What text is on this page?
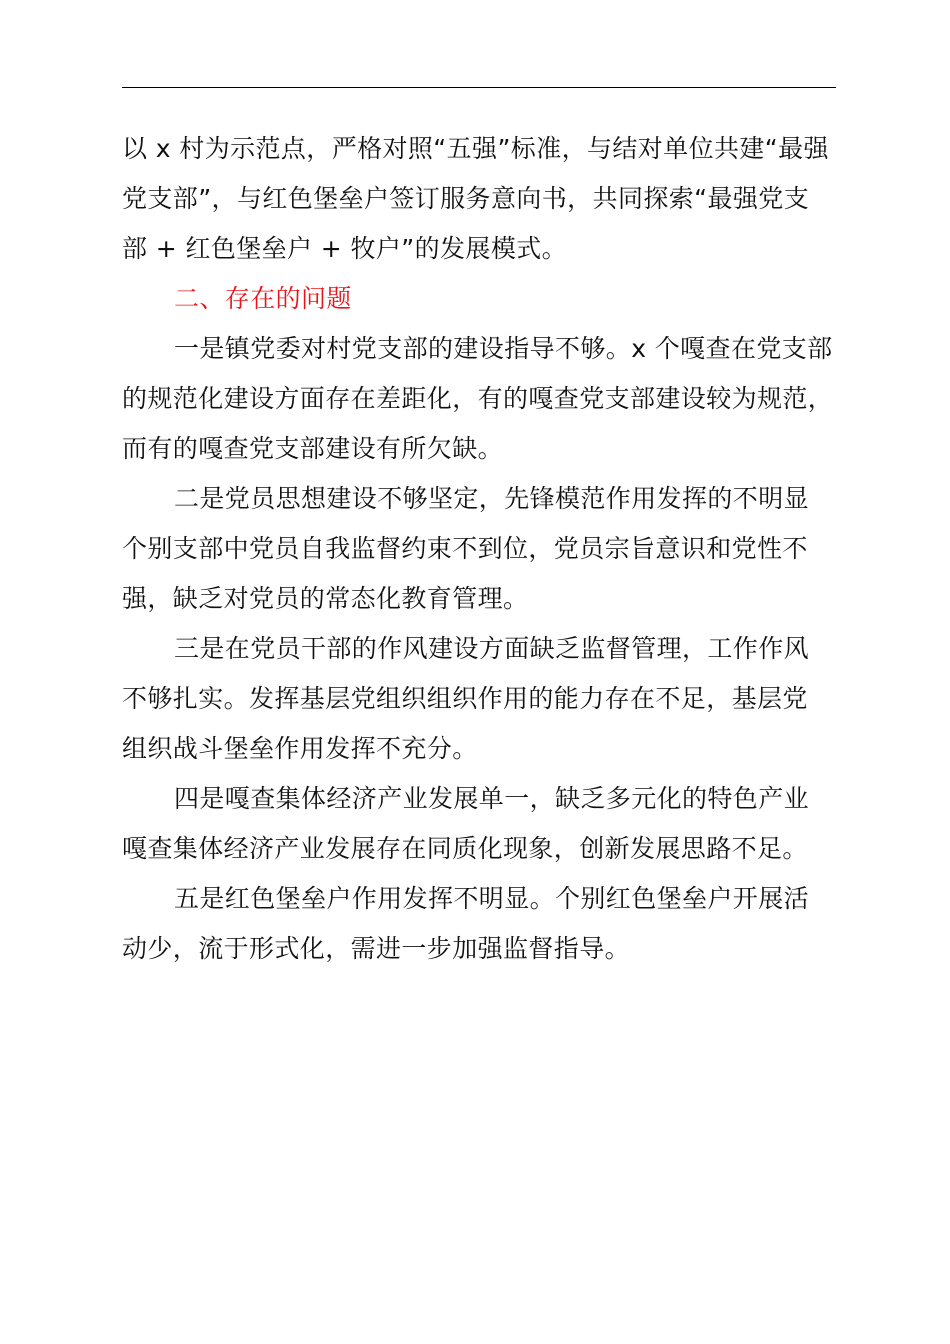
以 x 村为示范点，严格对照“五强”标准，与结对单位共建“最强
党支部”，与红色堡垒户签订服务意向书，共同探索“最强党支
部 + 红色堡垒户 + 牧户”的发展模式。
二、存在的问题
一是镇党委对村党支部的建设指导不够。x 个嘎查在党支部
的规范化建设方面存在差距化，有的嘎查党支部建设较为规范，
而有的嘎查党支部建设有所欠缺。
二是党员思想建设不够坚定，先锋模范作用发挥的不明显
个别支部中党员自我监督约束不到位，党员宗旨意识和党性不
强，缺乏对党员的常态化教育管理。
三是在党员干部的作风建设方面缺乏监督管理，工作作风
不够扎实。发挥基层党组织组织作用的能力存在不足，基层党
组织战斗堡垒作用发挥不充分。
四是嘎查集体经济产业发展单一，缺乏多元化的特色产业
嘎查集体经济产业发展存在同质化现象，创新发展思路不足。
五是红色堡垒户作用发挥不明显。个别红色堡垒户开展活
动少，流于形式化，需进一步加强监督指导。
